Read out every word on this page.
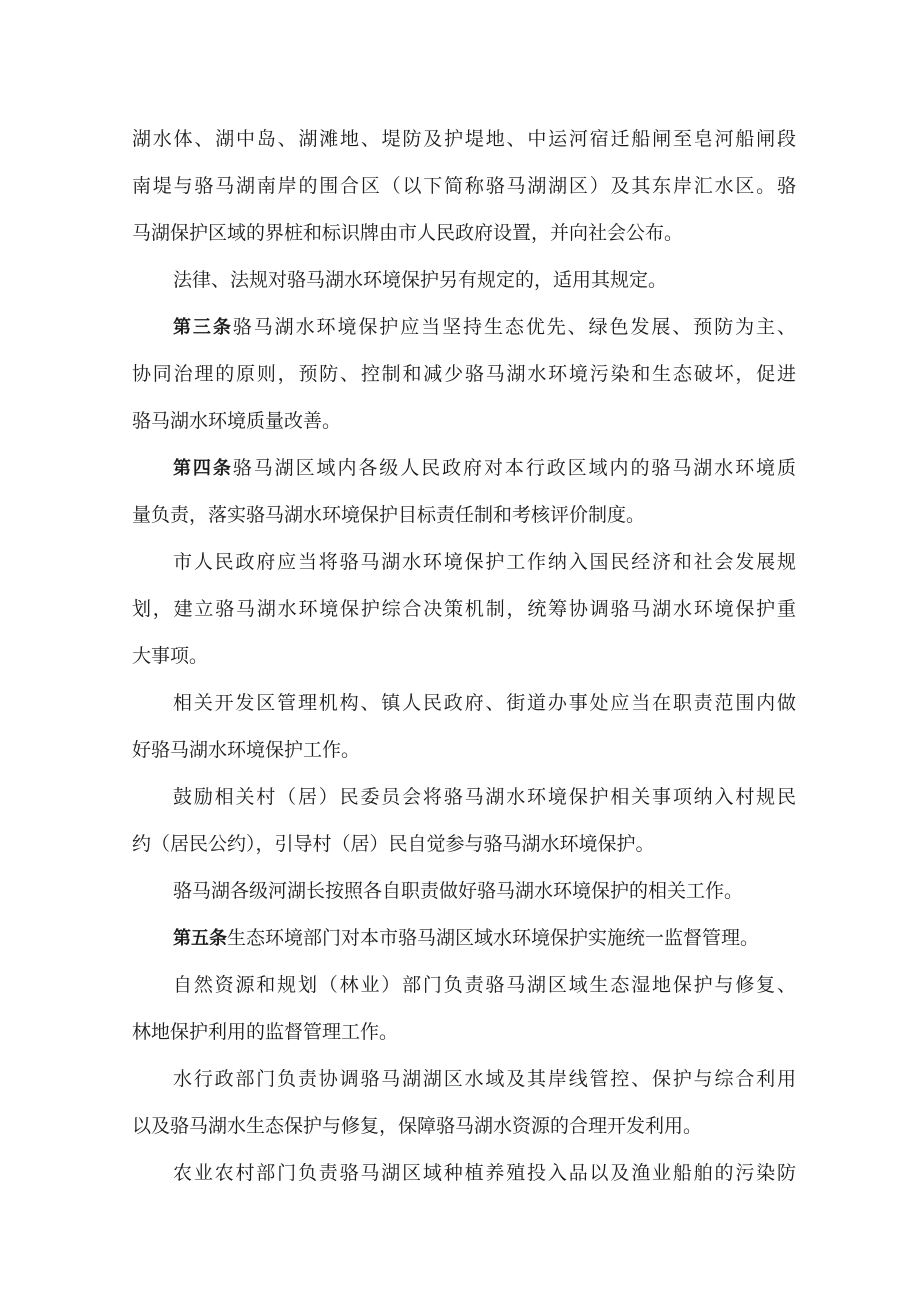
湖水体、湖中岛、湖滩地、堤防及护堤地、中运河宿迁船闸至皂河船闸段
南堤与骆马湖南岸的围合区（以下简称骆马湖湖区）及其东岸汇水区。骆
马湖保护区域的界桩和标识牌由市人民政府设置，并向社会公布。
法律、法规对骆马湖水环境保护另有规定的，适用其规定。
第三条骆马湖水环境保护应当坚持生态优先、绿色发展、预防为主、
协同治理的原则，预防、控制和减少骆马湖水环境污染和生态破坏，促进
骆马湖水环境质量改善。
第四条骆马湖区域内各级人民政府对本行政区域内的骆马湖水环境质
量负责，落实骆马湖水环境保护目标责任制和考核评价制度。
市人民政府应当将骆马湖水环境保护工作纳入国民经济和社会发展规
划，建立骆马湖水环境保护综合决策机制，统筹协调骆马湖水环境保护重
大事项。
相关开发区管理机构、镇人民政府、街道办事处应当在职责范围内做
好骆马湖水环境保护工作。
鼓励相关村（居）民委员会将骆马湖水环境保护相关事项纳入村规民
约（居民公约），引导村（居）民自觉参与骆马湖水环境保护。
骆马湖各级河湖长按照各自职责做好骆马湖水环境保护的相关工作。
第五条生态环境部门对本市骆马湖区域水环境保护实施统一监督管理。
自然资源和规划（林业）部门负责骆马湖区域生态湿地保护与修复、
林地保护利用的监督管理工作。
水行政部门负责协调骆马湖湖区水域及其岸线管控、保护与综合利用
以及骆马湖水生态保护与修复，保障骆马湖水资源的合理开发利用。
农业农村部门负责骆马湖区域种植养殖投入品以及渔业船舶的污染防
